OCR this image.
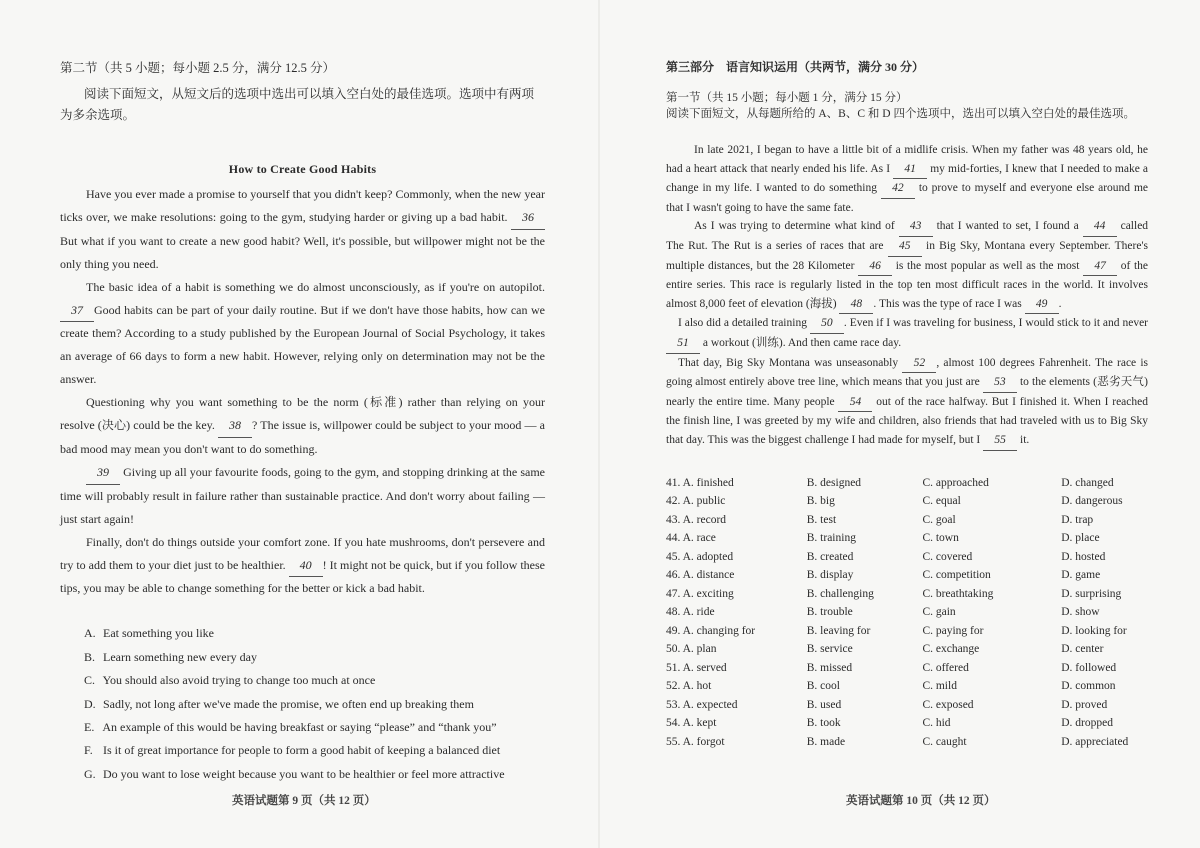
第二节（共 5 小题；每小题 2.5 分，满分 12.5 分）

阅读下面短文，从短文后的选项中选出可以填入空白处的最佳选项。选项中有两项为多余选项。

How to Create Good Habits

Have you ever made a promise to yourself that you didn't keep? Commonly, when the new year ticks over, we make resolutions: going to the gym, studying harder or giving up a bad habit. 36But what if you want to create a new good habit? Well, it's possible, but willpower might not be the only thing you need.

The basic idea of a habit is something we do almost unconsciously, as if you're on autopilot. 37 Good habits can be part of your daily routine. But if we don't have those habits, how can we create them? According to a study published by the European Journal of Social Psychology, it takes an average of 66 days to form a new habit. However, relying only on determination may not be the answer.

Questioning why you want something to be the norm (标准) rather than relying on your resolve (决心) could be the key. 38 ? The issue is, willpower could be subject to your mood — a bad mood may mean you don't want to do something.

39 Giving up all your favourite foods, going to the gym, and stopping drinking at the same time will probably result in failure rather than sustainable practice. And don't worry about failing — just start again!

Finally, don't do things outside your comfort zone. If you hate mushrooms, don't persevere and try to add them to your diet just to be healthier. 40 ! It might not be quick, but if you follow these tips, you may be able to change something for the better or kick a bad habit.

A. Eat something you like
B. Learn something new every day
C. You should also avoid trying to change too much at once
D. Sadly, not long after we've made the promise, we often end up breaking them
E. An example of this would be having breakfast or saying “please” and “thank you”
F. Is it of great importance for people to form a good habit of keeping a balanced diet
G. Do you want to lose weight because you want to be healthier or feel more attractive
英语试题第 9 页（共 12 页）

第三部分　语言知识运用（共两节，满分 30 分）

第一节（共 15 小题；每小题 1 分，满分 15 分）

阅读下面短文，从每题所给的 A、B、C 和 D 四个选项中，选出可以填入空白处的最佳选项。

In late 2021, I began to have a little bit of a midlife crisis. When my father was 48 years old, he had a heart attack that nearly ended his life. As I 41 my mid-forties, I knew that I needed to make a change in my life. I wanted to do something 42 to prove to myself and everyone else around me that I wasn't going to have the same fate.

As I was trying to determine what kind of 43 that I wanted to set, I found a 44 called The Rut. The Rut is a series of races that are 45 in Big Sky, Montana every September. There's multiple distances, but the 28 Kilometer 46 is the most popular as well as the most 47 of the entire series. This race is regularly listed in the top ten most difficult races in the world. It involves almost 8,000 feet of elevation (海拔) 48 . This was the type of race I was 49 .

I also did a detailed training 50 . Even if I was traveling for business, I would stick to it and never 51 a workout (训练). And then came race day.

That day, Big Sky Montana was unseasonably 52 , almost 100 degrees Fahrenheit. The race is going almost entirely above tree line, which means that you just are 53 to the elements (恶劣天气) nearly the entire time. Many people 54 out of the race halfway. But I finished it. When I reached the finish line, I was greeted by my wife and children, also friends that had traveled with us to Big Sky that day. This was the biggest challenge I had made for myself, but I 55 it.

41. A. finished	B. designed	C. approached	D. changed
42. A. public	B. big	C. equal	D. dangerous
43. A. record	B. test	C. goal	D. trap
44. A. race	B. training	C. town	D. place
45. A. adopted	B. created	C. covered	D. hosted
46. A. distance	B. display	C. competition	D. game
47. A. exciting	B. challenging	C. breathtaking	D. surprising
48. A. ride	B. trouble	C. gain	D. show
49. A. changing for	B. leaving for	C. paying for	D. looking for
50. A. plan	B. service	C. exchange	D. center
51. A. served	B. missed	C. offered	D. followed
52. A. hot	B. cool	C. mild	D. common
53. A. expected	B. used	C. exposed	D. proved
54. A. kept	B. took	C. hid	D. dropped
55. A. forgot	B. made	C. caught	D. appreciated
英语试题第 10 页（共 12 页）
